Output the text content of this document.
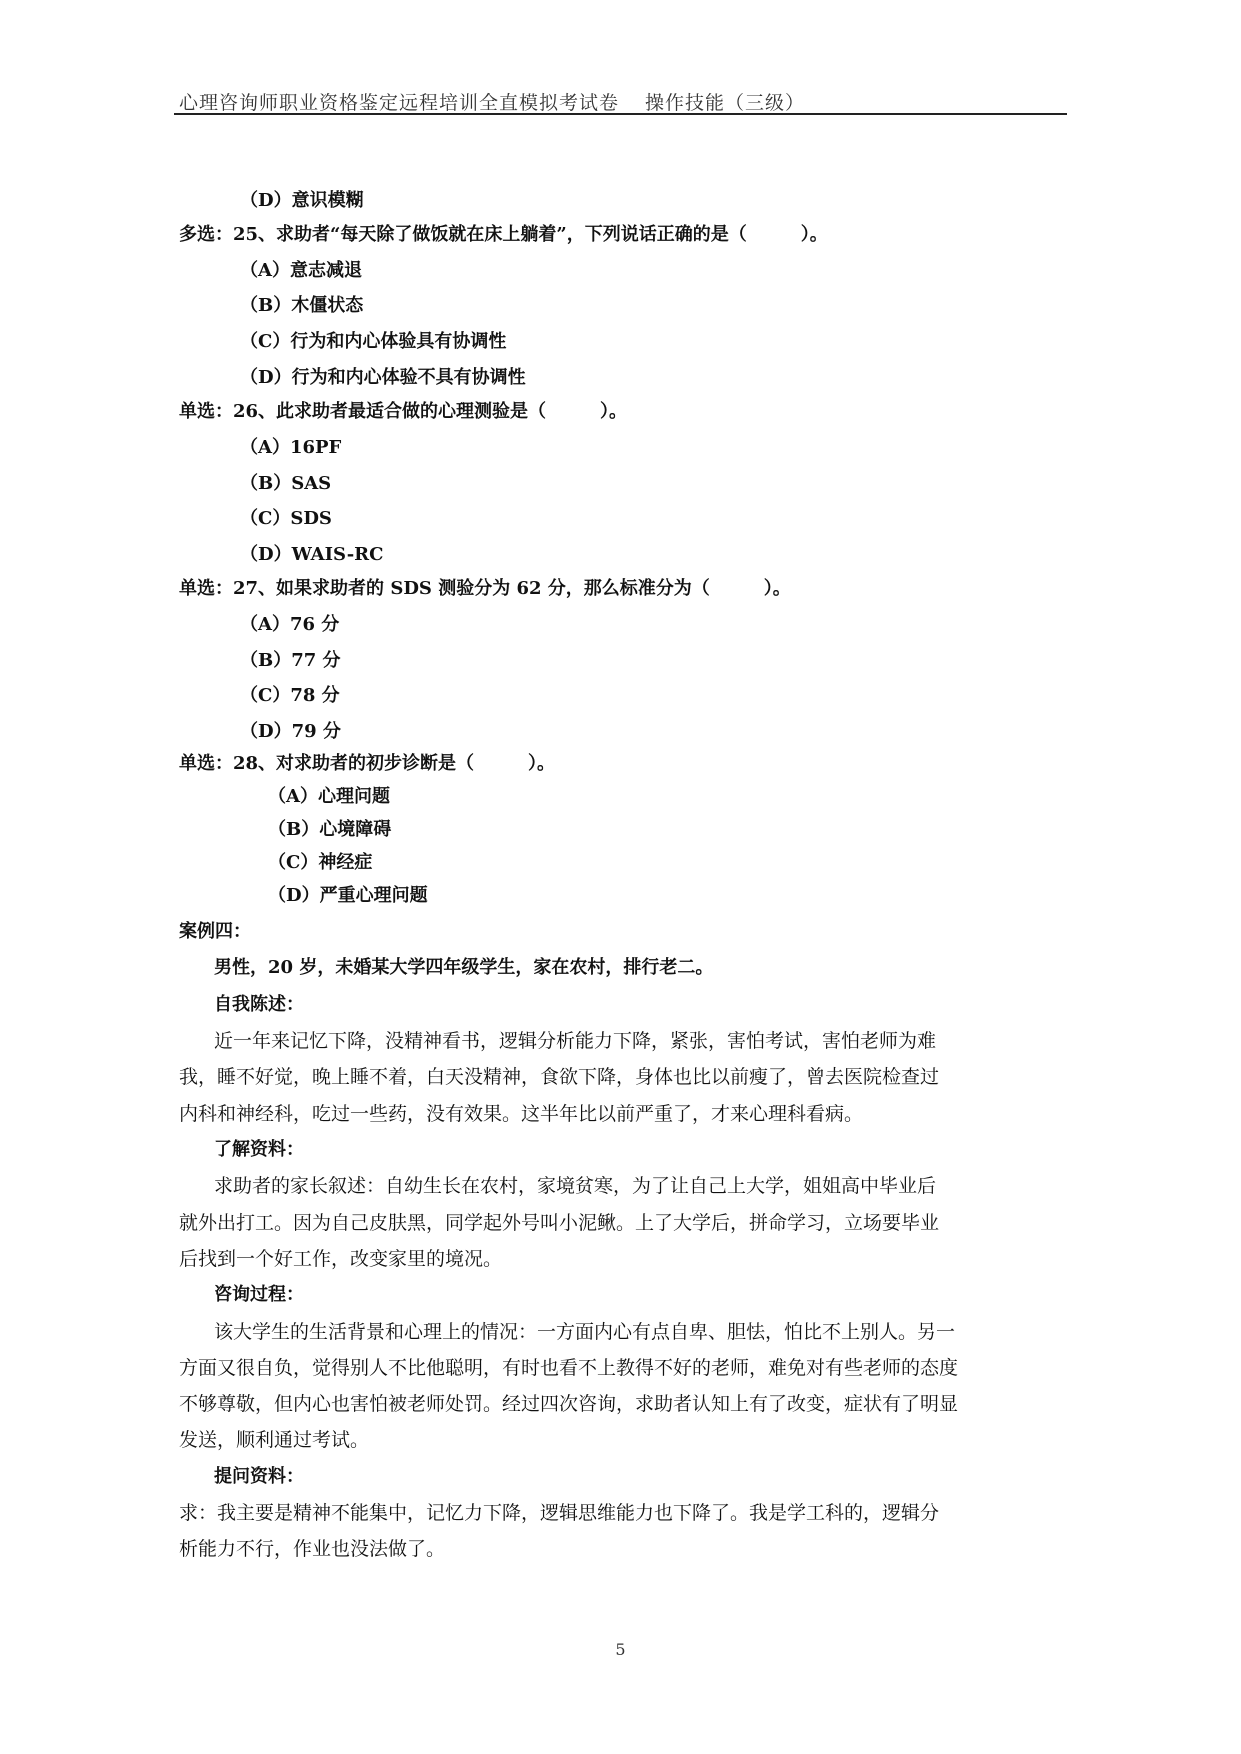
心理咨询师职业资格鉴定远程培训全直模拟考试卷 操作技能（三级）
（D）意识模糊
多选：25、求助者“每天除了做饭就在床上躺着”，下列说话正确的是（　　　）。
（A）意志减退
（B）木僵状态
（C）行为和内心体验具有协调性
（D）行为和内心体验不具有协调性
单选：26、此求助者最适合做的心理测验是（　　　）。
（A）16PF
（B）SAS
（C）SDS
（D）WAIS-RC
单选：27、如果求助者的 SDS 测验分为 62 分，那么标准分为（　　　）。
（A）76 分
（B）77 分
（C）78 分
（D）79 分
单选：28、对求助者的初步诊断是（　　　）。
（A）心理问题
（B）心境障碍
（C）神经症
（D）严重心理问题
案例四：
男性，20 岁，未婚某大学四年级学生，家在农村，排行老二。
自我陈述：
近一年来记忆下降，没精神看书，逻辑分析能力下降，紧张，害怕考试，害怕老师为难
我，睡不好觉，晚上睡不着，白天没精神，食欲下降，身体也比以前瘦了，曾去医院检查过
内科和神经科，吃过一些药，没有效果。这半年比以前严重了，才来心理科看病。
了解资料：
求助者的家长叙述：自幼生长在农村，家境贫寒，为了让自己上大学，姐姐高中毕业后
就外出打工。因为自己皮肤黑，同学起外号叫小泥鳅。上了大学后，拼命学习，立场要毕业
后找到一个好工作，改变家里的境况。
咨询过程：
该大学生的生活背景和心理上的情况：一方面内心有点自卑、胆怯，怕比不上别人。另一
方面又很自负，觉得别人不比他聪明，有时也看不上教得不好的老师，难免对有些老师的态度
不够尊敬，但内心也害怕被老师处罚。经过四次咨询，求助者认知上有了改变，症状有了明显
发送，顺利通过考试。
提问资料：
求：我主要是精神不能集中，记忆力下降，逻辑思维能力也下降了。我是学工科的，逻辑分
析能力不行，作业也没法做了。
5
